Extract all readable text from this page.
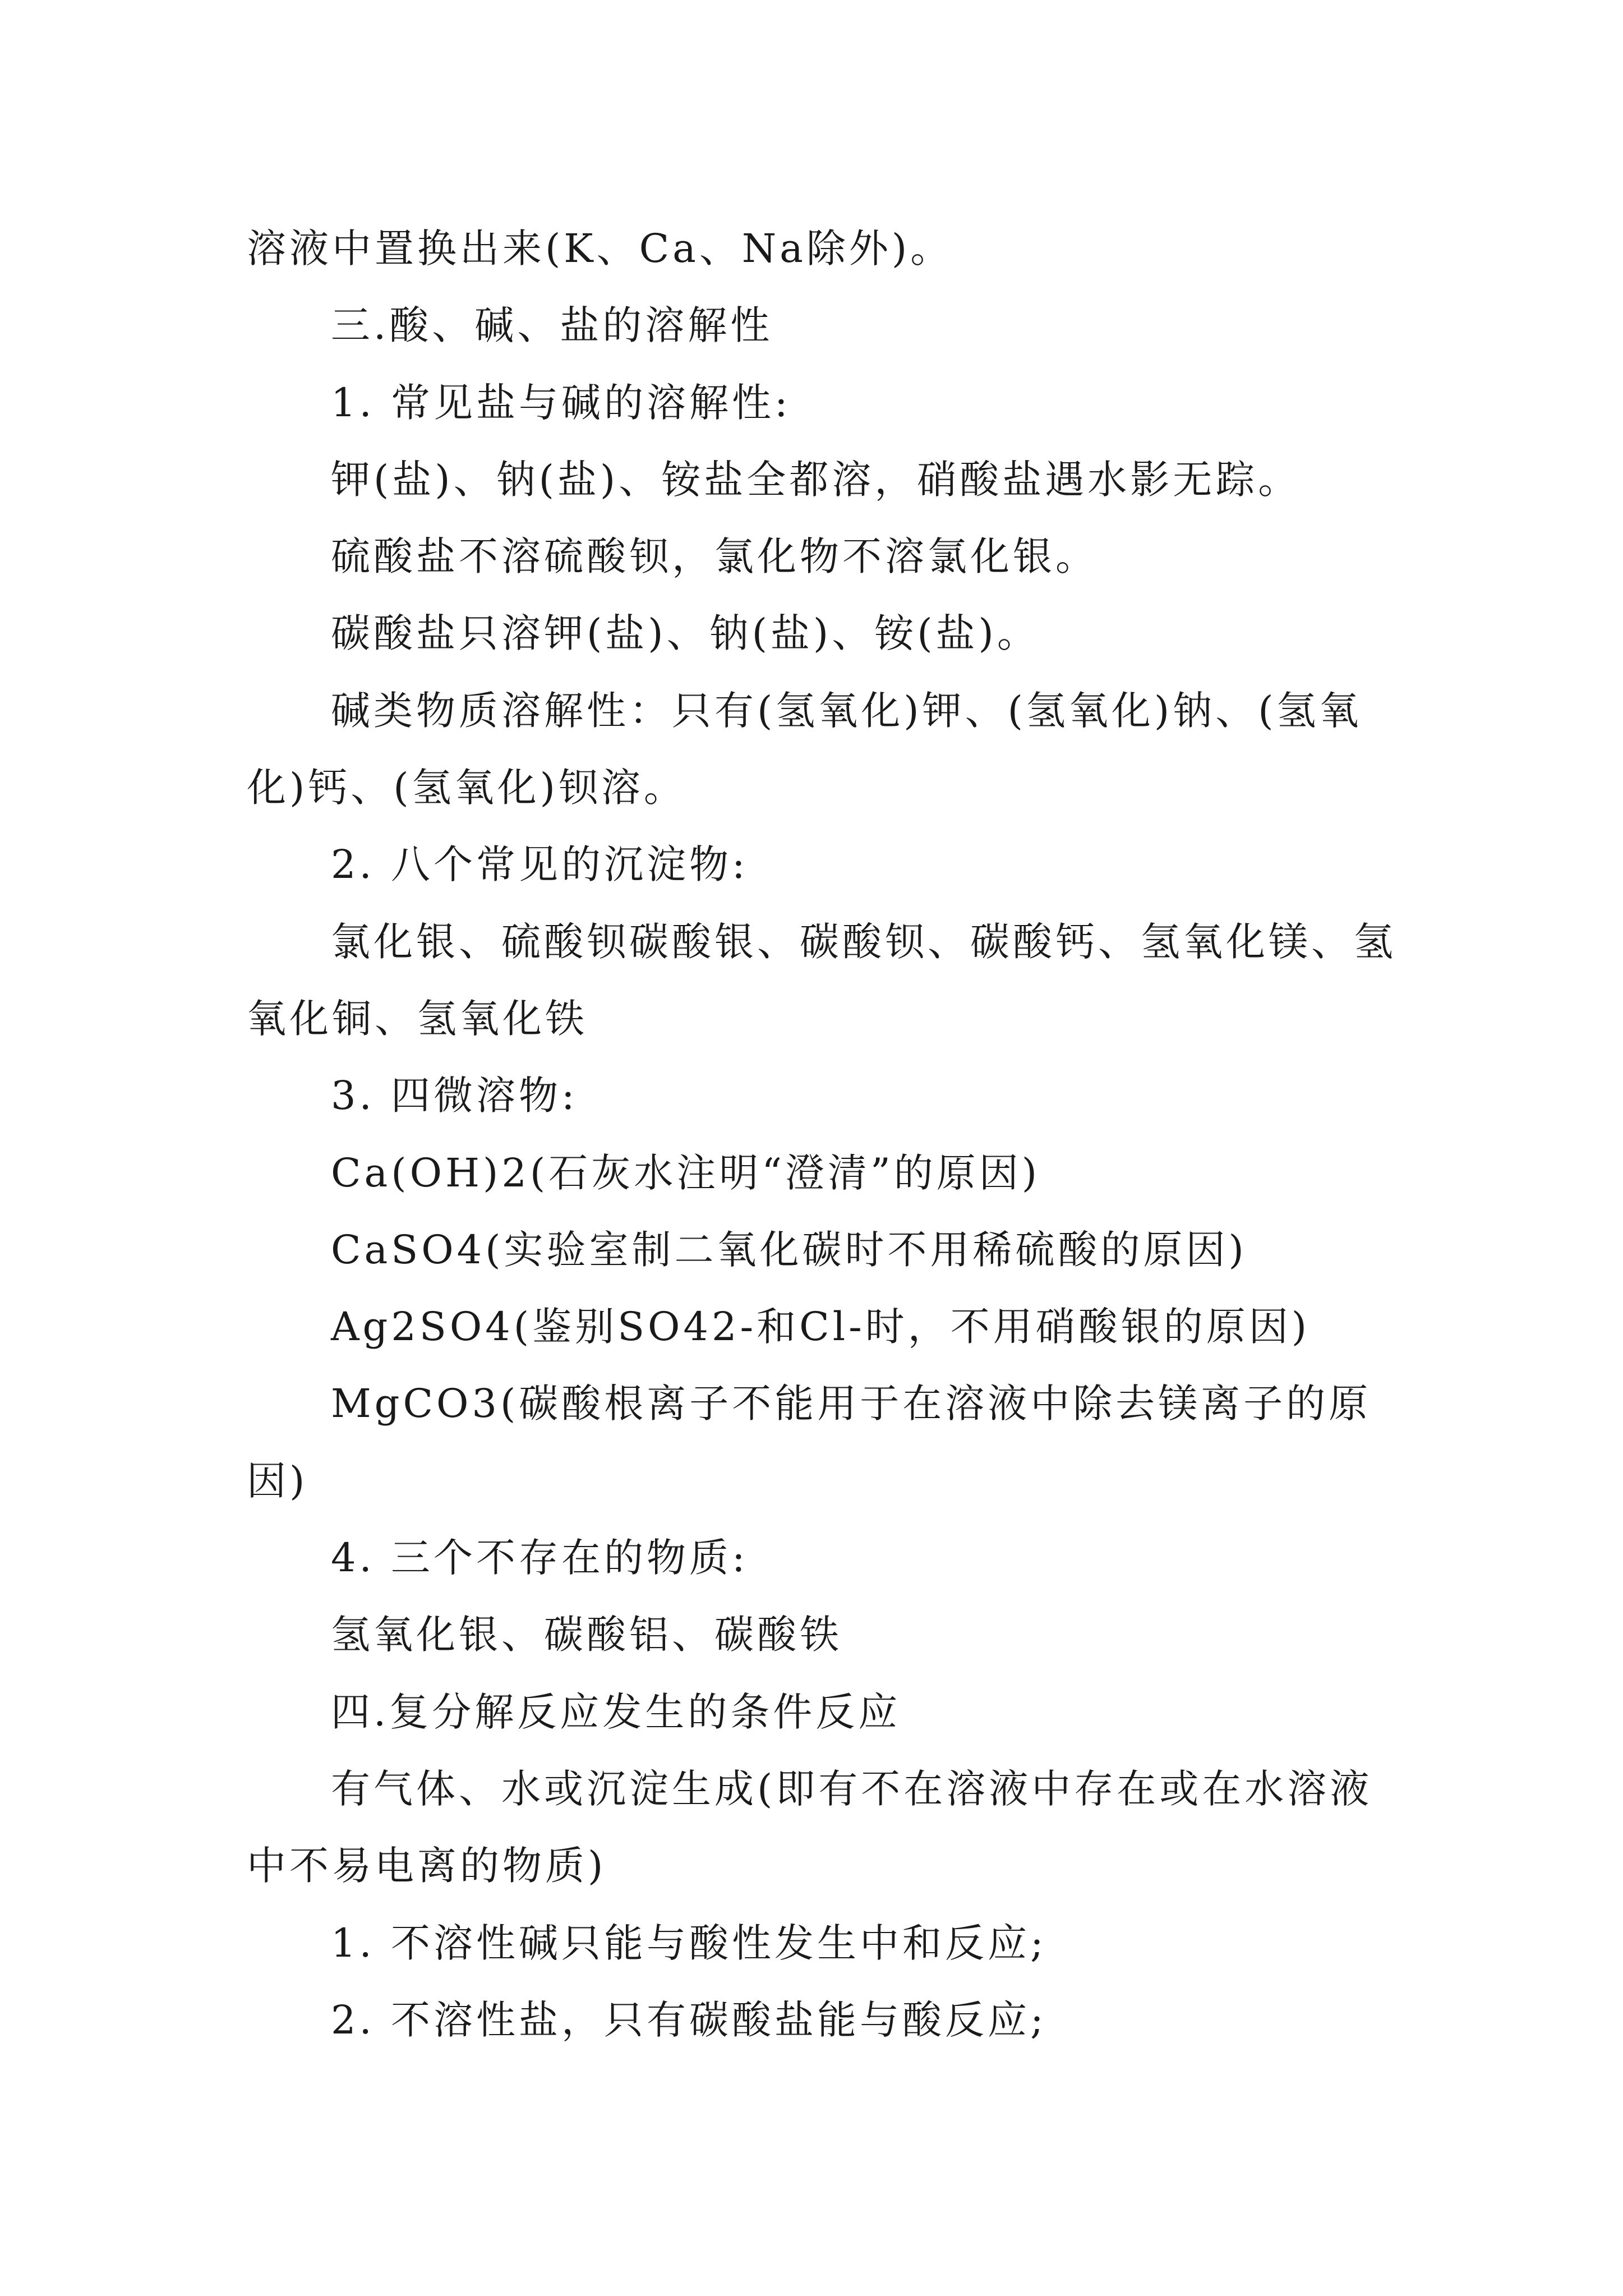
溶液中置换出来(K、Ca、Na除外)。

三.酸、碱、盐的溶解性

1. 常见盐与碱的溶解性:

钾(盐)、钠(盐)、铵盐全都溶，硝酸盐遇水影无踪。

硫酸盐不溶硫酸钡，氯化物不溶氯化银。

碳酸盐只溶钾(盐)、钠(盐)、铵(盐)。

碱类物质溶解性：只有(氢氧化)钾、(氢氧化)钠、(氢氧化)钙、(氢氧化)钡溶。

2. 八个常见的沉淀物:

氯化银、硫酸钡碳酸银、碳酸钡、碳酸钙、氢氧化镁、氢氧化铜、氢氧化铁

3. 四微溶物:

Ca(OH)2(石灰水注明“澄清”的原因)

CaSO4(实验室制二氧化碳时不用稀硫酸的原因)

Ag2SO4(鉴别SO42-和Cl-时，不用硝酸银的原因)

MgCO3(碳酸根离子不能用于在溶液中除去镁离子的原因)

4. 三个不存在的物质:

氢氧化银、碳酸铝、碳酸铁

四.复分解反应发生的条件反应

有气体、水或沉淀生成(即有不在溶液中存在或在水溶液中不易电离的物质)

1. 不溶性碱只能与酸性发生中和反应;

2. 不溶性盐，只有碳酸盐能与酸反应;
